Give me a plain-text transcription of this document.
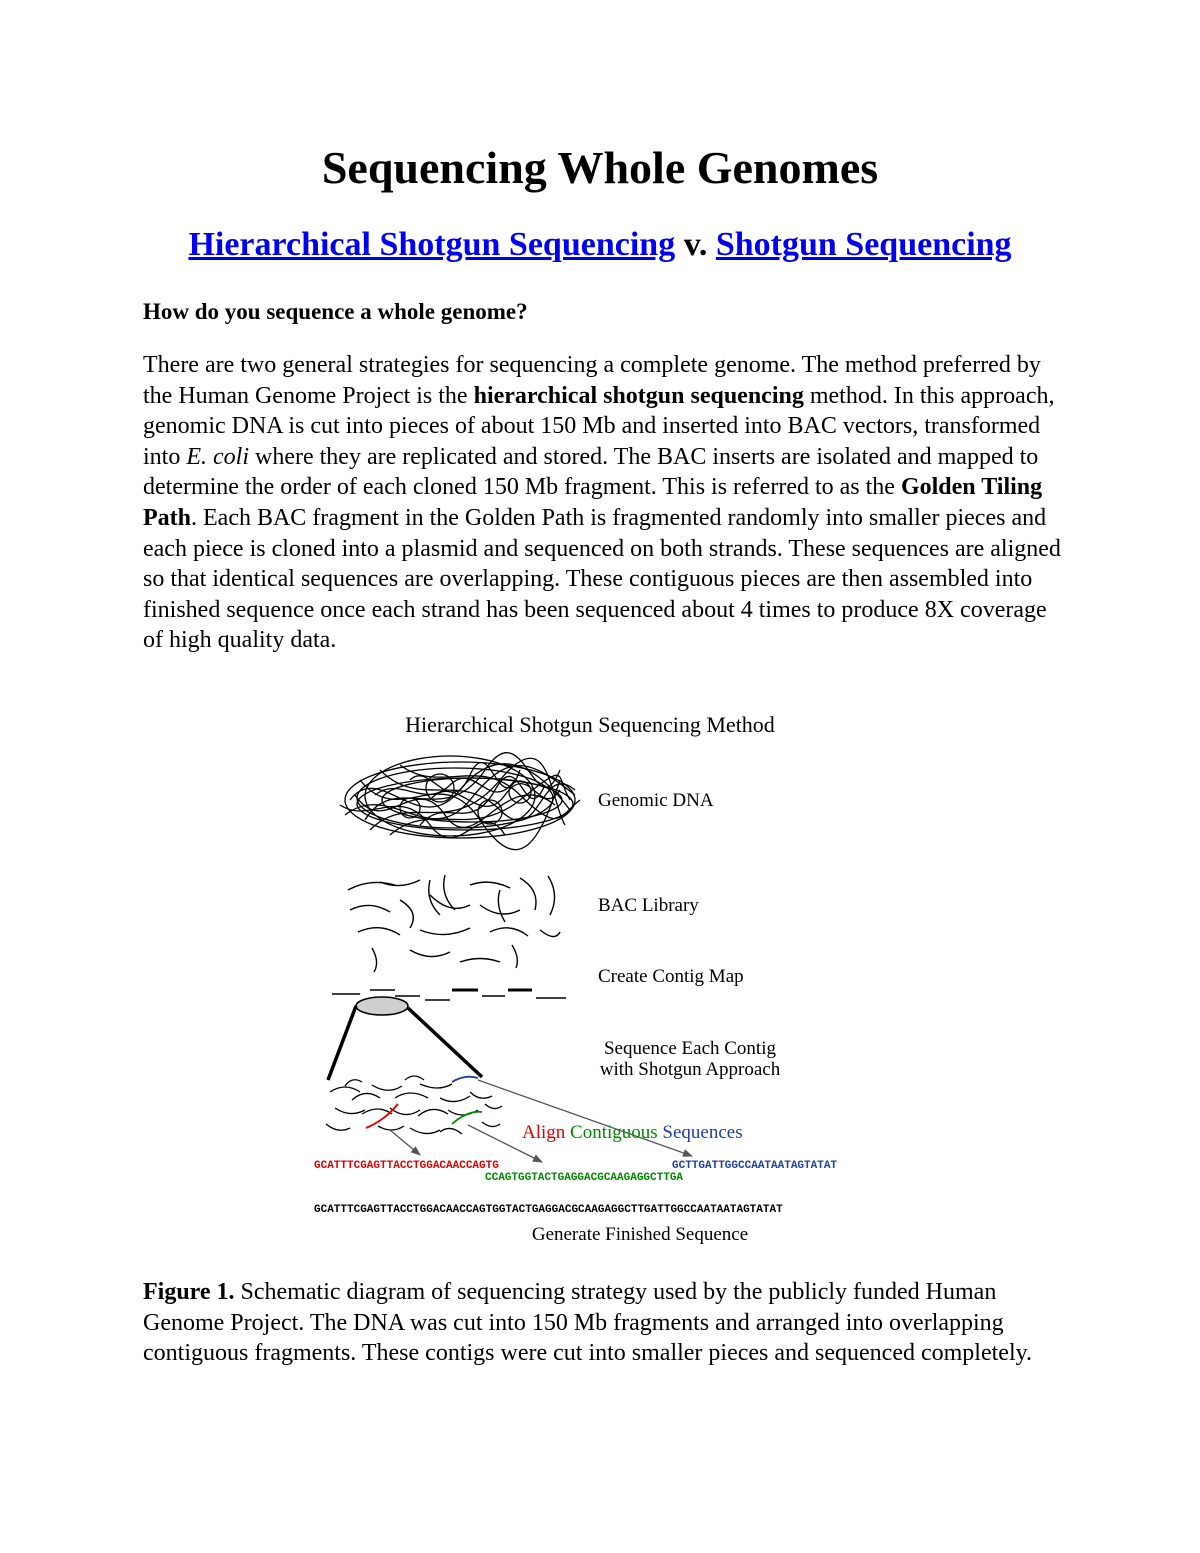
Sequencing Whole Genomes
Hierarchical Shotgun Sequencing v. Shotgun Sequencing

How do you sequence a whole genome?

There are two general strategies for sequencing a complete genome. The method preferred by the Human Genome Project is the hierarchical shotgun sequencing method. In this approach, genomic DNA is cut into pieces of about 150 Mb and inserted into BAC vectors, transformed into E. coli where they are replicated and stored. The BAC inserts are isolated and mapped to determine the order of each cloned 150 Mb fragment. This is referred to as the Golden Tiling Path. Each BAC fragment in the Golden Path is fragmented randomly into smaller pieces and each piece is cloned into a plasmid and sequenced on both strands. These sequences are aligned so that identical sequences are overlapping. These contiguous pieces are then assembled into finished sequence once each strand has been sequenced about 4 times to produce 8X coverage of high quality data.

Hierarchical Shotgun Sequencing Method
Genomic DNA
BAC Library
Create Contig Map
Sequence Each Contig
with Shotgun Approach
Align Contiguous Sequences
GCATTTCGAGTTACCTGGACAACCAGTG	GCTTGATTGGCCAATAATAGTATAT
CCAGTGGTACTGAGGACGCAAGAGGCTTGA
GCATTTCGAGTTACCTGGACAACCAGTGGTACTGAGGACGCAAGAGGCTTGATTGGCCAATAATAGTATAT
Generate Finished Sequence

Figure 1. Schematic diagram of sequencing strategy used by the publicly funded Human Genome Project. The DNA was cut into 150 Mb fragments and arranged into overlapping contiguous fragments. These contigs were cut into smaller pieces and sequenced completely.
